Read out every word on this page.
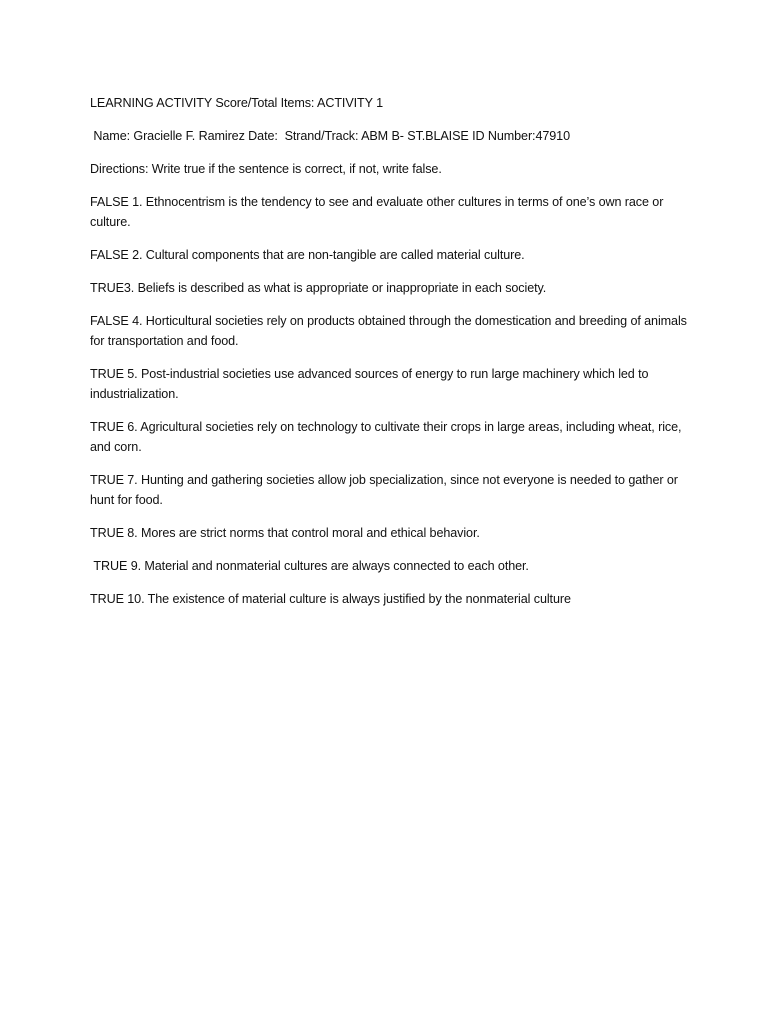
LEARNING ACTIVITY Score/Total Items: ACTIVITY 1

Name: Gracielle F. Ramirez Date:  Strand/Track: ABM B- ST.BLAISE ID Number:47910

Directions: Write true if the sentence is correct, if not, write false.

FALSE 1. Ethnocentrism is the tendency to see and evaluate other cultures in terms of one’s own race or culture.

FALSE 2. Cultural components that are non-tangible are called material culture.

TRUE3. Beliefs is described as what is appropriate or inappropriate in each society.

FALSE 4. Horticultural societies rely on products obtained through the domestication and breeding of animals for transportation and food.

TRUE 5. Post-industrial societies use advanced sources of energy to run large machinery which led to industrialization.

TRUE 6. Agricultural societies rely on technology to cultivate their crops in large areas, including wheat, rice, and corn.

TRUE 7. Hunting and gathering societies allow job specialization, since not everyone is needed to gather or hunt for food.

TRUE 8. Mores are strict norms that control moral and ethical behavior.

TRUE 9. Material and nonmaterial cultures are always connected to each other.

TRUE 10. The existence of material culture is always justified by the nonmaterial culture
